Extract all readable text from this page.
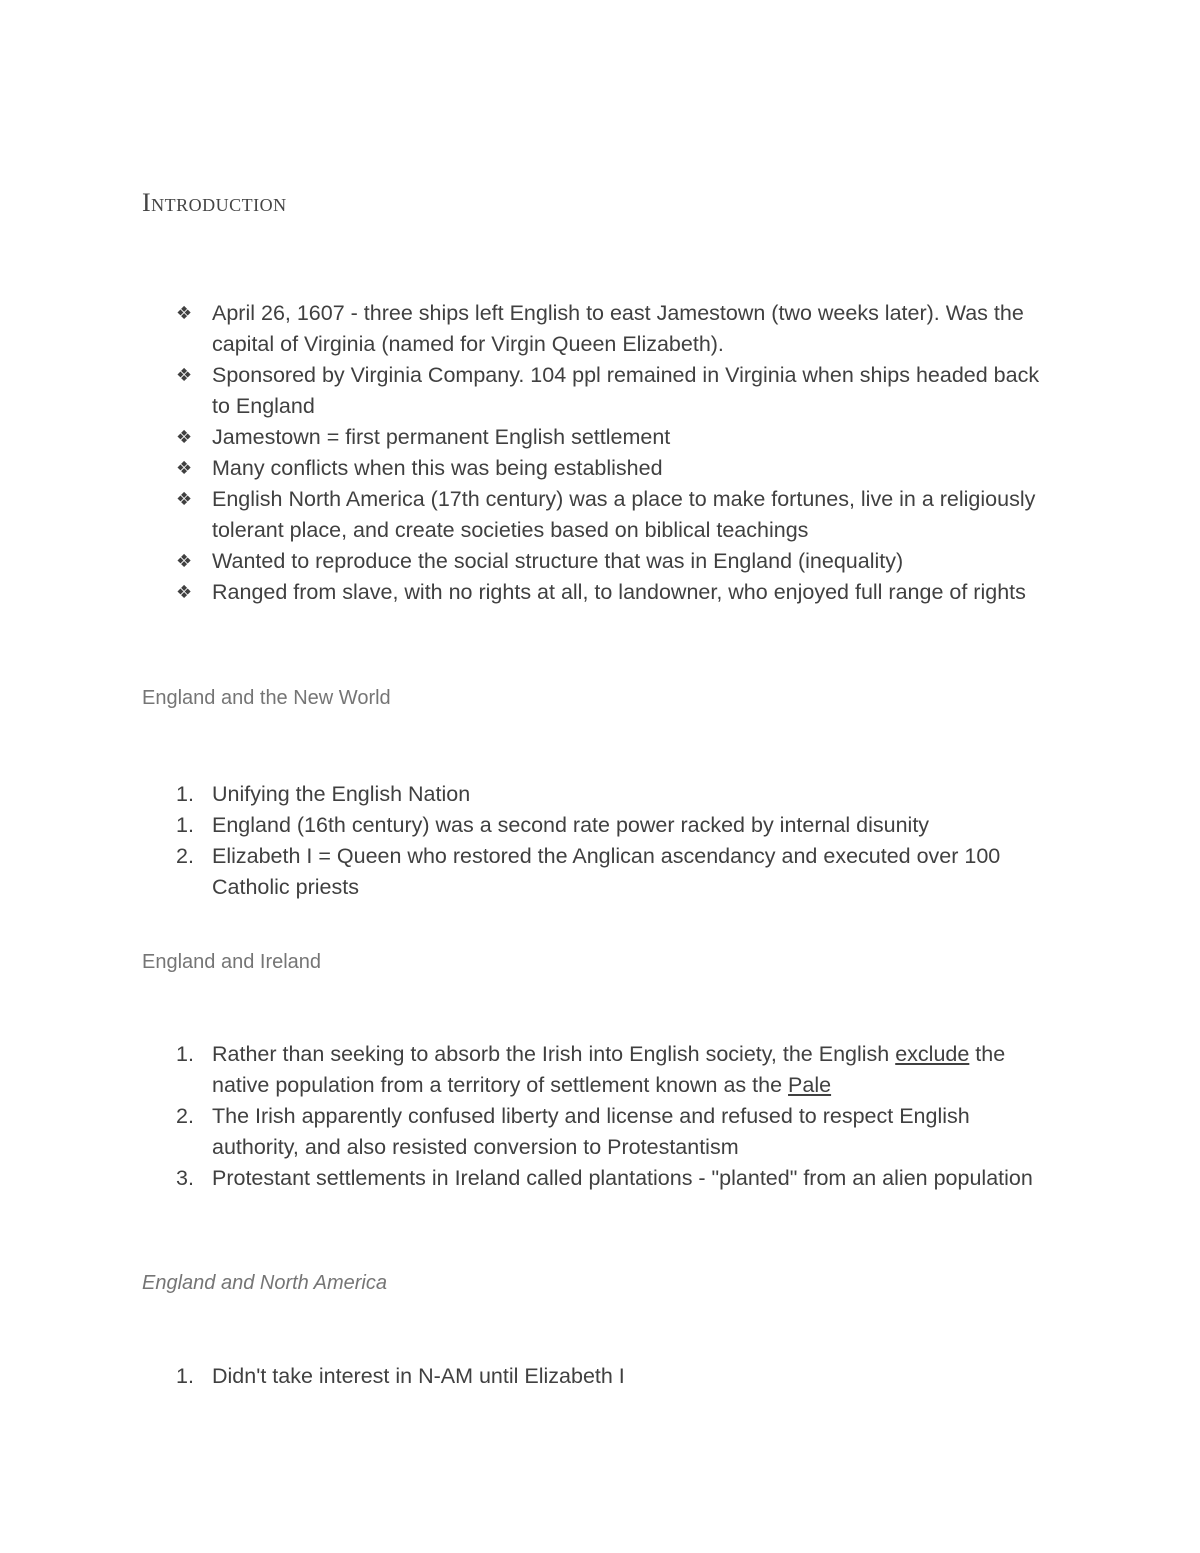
Introduction
❖ April 26, 1607 - three ships left English to east Jamestown (two weeks later). Was the capital of Virginia (named for Virgin Queen Elizabeth).
❖ Sponsored by Virginia Company. 104 ppl remained in Virginia when ships headed back to England
❖ Jamestown = first permanent English settlement
❖ Many conflicts when this was being established
❖ English North America (17th century) was a place to make fortunes, live in a religiously tolerant place, and create societies based on biblical teachings
❖ Wanted to reproduce the social structure that was in England (inequality)
❖ Ranged from slave, with no rights at all, to landowner, who enjoyed full range of rights
England and the New World
1. Unifying the English Nation
1. England (16th century) was a second rate power racked by internal disunity
2. Elizabeth I = Queen who restored the Anglican ascendancy and executed over 100 Catholic priests
England and Ireland
1. Rather than seeking to absorb the Irish into English society, the English exclude the native population from a territory of settlement known as the Pale
2. The Irish apparently confused liberty and license and refused to respect English authority, and also resisted conversion to Protestantism
3. Protestant settlements in Ireland called plantations - "planted" from an alien population
England and North America
1. Didn't take interest in N-AM until Elizabeth I
